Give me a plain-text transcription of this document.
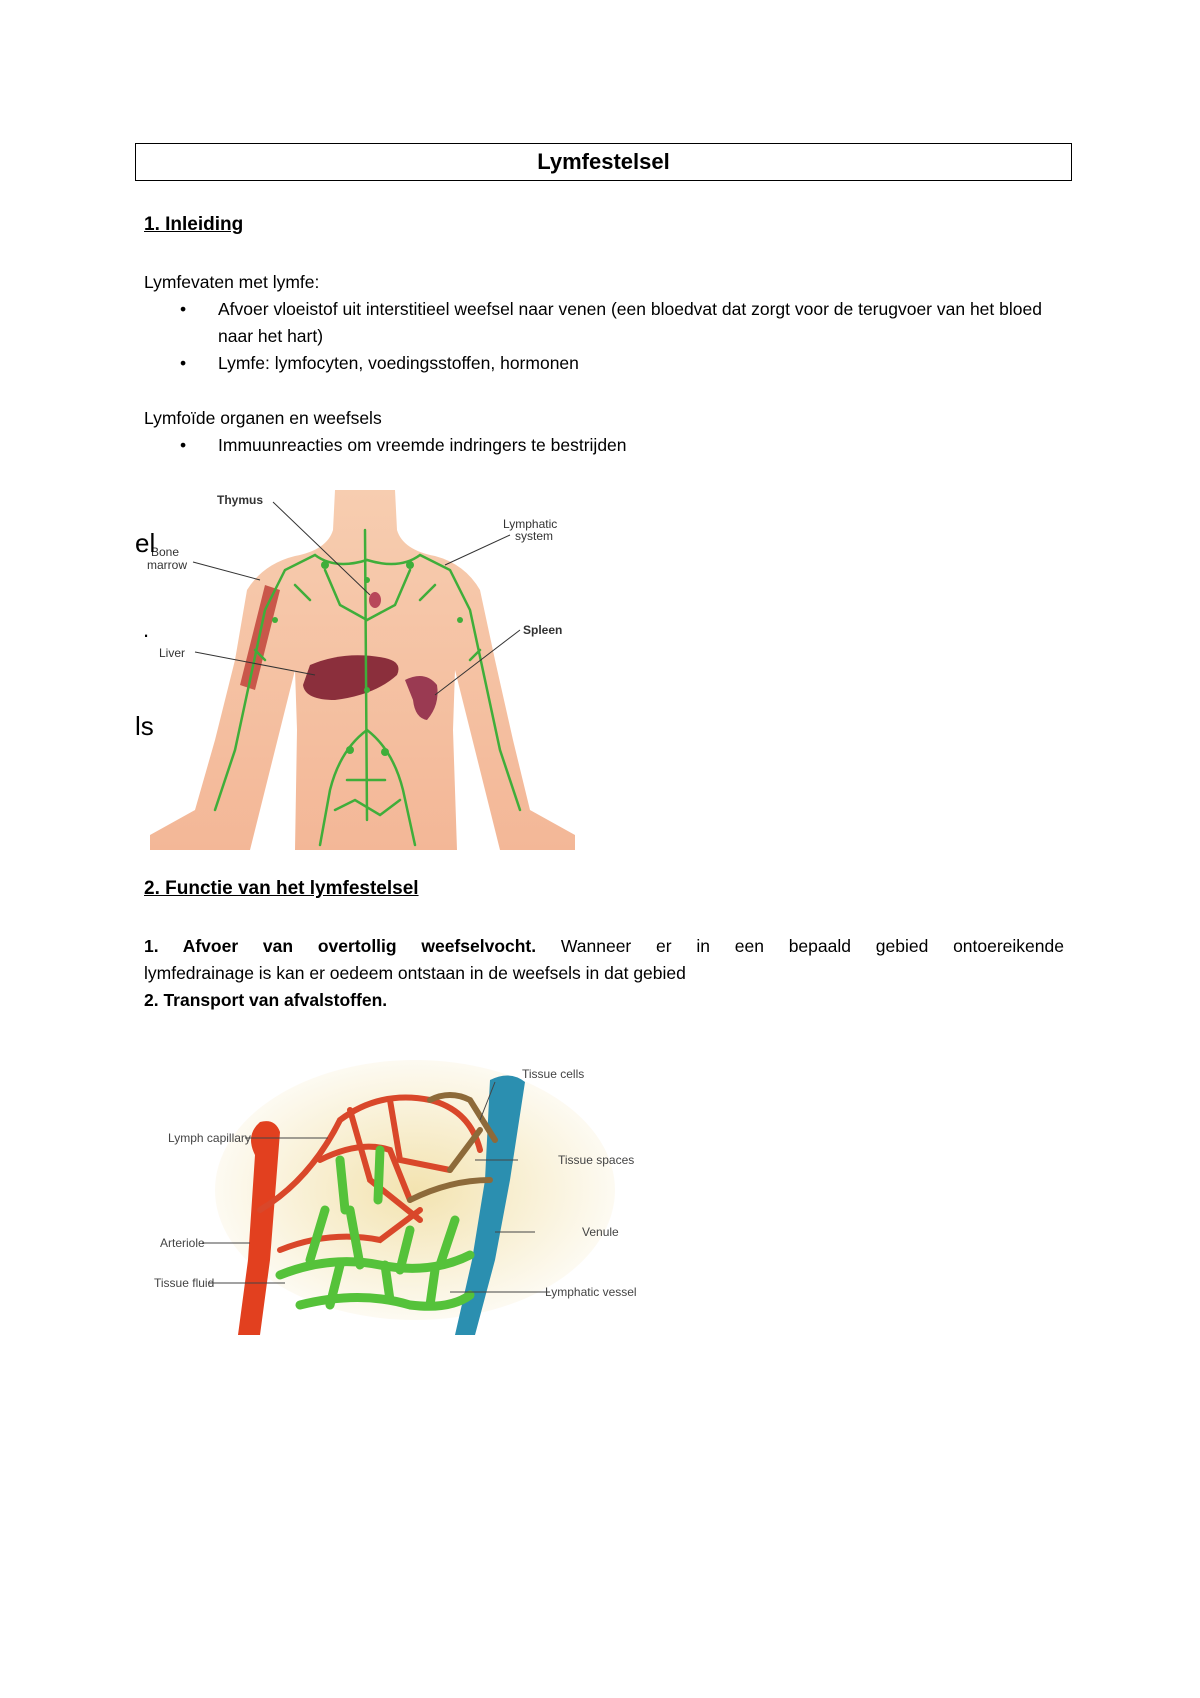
Lymfestelsel
1. Inleiding

Lymfevaten met lymfe:

• Afvoer vloeistof uit interstitieel weefsel naar venen (een bloedvat dat zorgt voor de terugvoer van het bloed naar het hart)
• Lymfe: lymfocyten, voedingsstoffen, hormonen

Lymfoïde organen en weefsels

• Immuunreacties om vreemde indringers te bestrijden
Thymus
Lymphatic
system
Bone
marrow
Liver
Spleen
el
.
ls
2. Functie van het lymfestelsel

1. Afvoer van overtollig weefselvocht. Wanneer er in een bepaald gebied ontoereikende

lymfedrainage is kan er oedeem ontstaan in de weefsels in dat gebied

2. Transport van afvalstoffen.

Tissue cells
Lymph capillary
Tissue spaces
Arteriole
Venule
Tissue fluid
Lymphatic vessel
